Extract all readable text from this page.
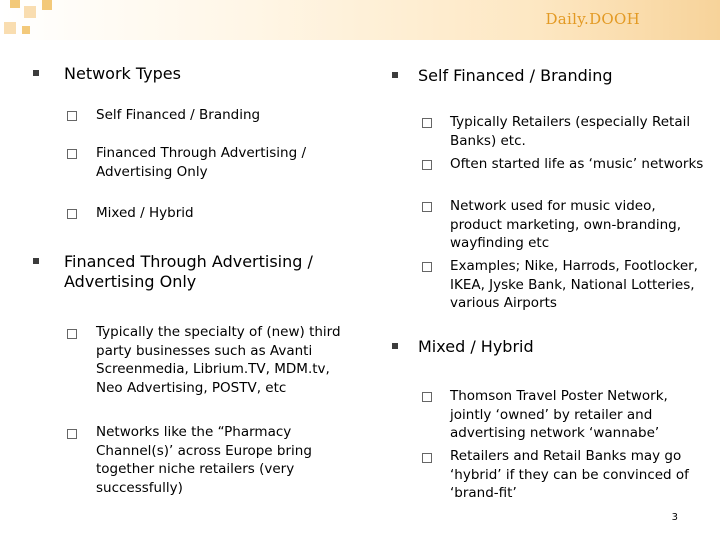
Daily.DOOH
Network Types
Self Financed / Branding
Financed Through Advertising / Advertising Only
Mixed / Hybrid
Financed Through Advertising / Advertising Only
Typically the specialty of (new) third party businesses such as Avanti Screenmedia, Librium.TV, MDM.tv, Neo Advertising, POSTV, etc
Networks like the “Pharmacy Channel(s)’ across Europe bring together niche retailers (very successfully)
Self Financed / Branding
Typically Retailers (especially Retail Banks) etc.
Often started life as ‘music’ networks
Network used for music video, product marketing, own-branding, wayfinding etc
Examples; Nike, Harrods, Footlocker, IKEA, Jyske Bank, National Lotteries, various Airports
Mixed / Hybrid
Thomson Travel Poster Network, jointly ‘owned’ by retailer and advertising network ‘wannabe’
Retailers and Retail Banks may go ‘hybrid’ if they can be convinced of ‘brand-fit’
3
